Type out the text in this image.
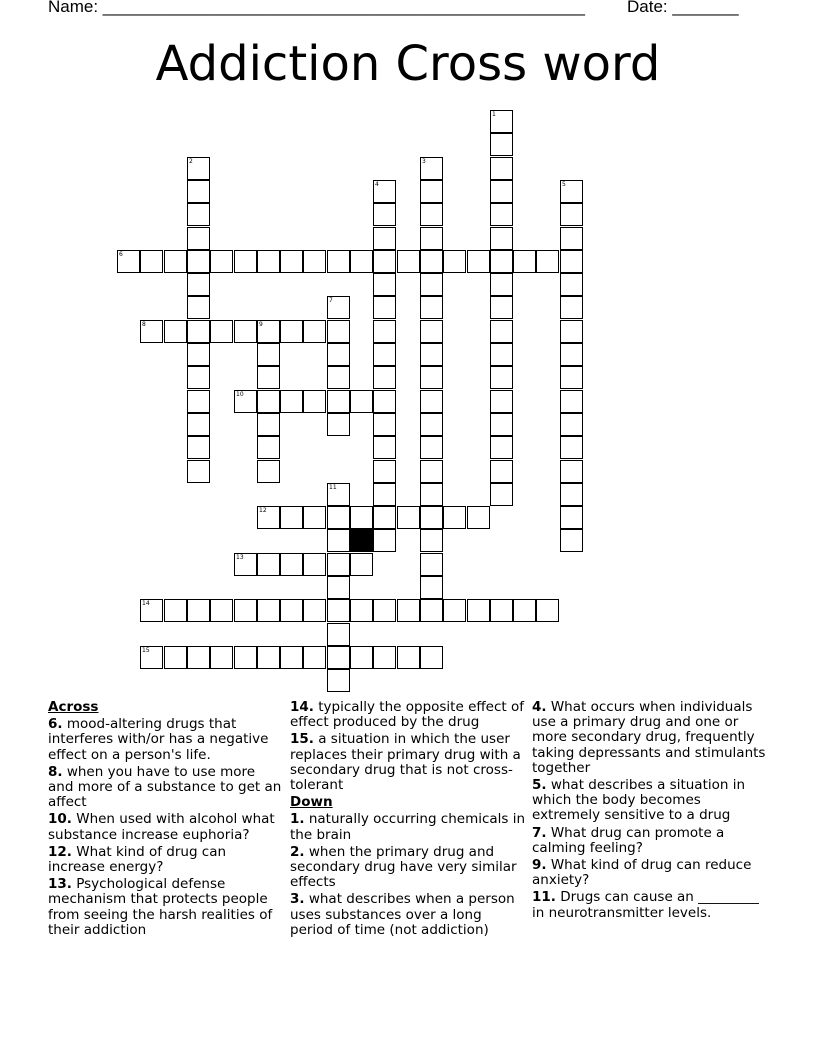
Name: ___________________________________________________ Date: _______
Addiction Cross word
1
2	3
4	5
6
7
8	9
10
11
12
13
14
15
Across
6. mood-altering drugs that interferes with/or has a negative effect on a person's life.
8. when you have to use more and more of a substance to get an affect
10. When used with alcohol what substance increase euphoria?
12. What kind of drug can increase energy?
13. Psychological defense mechanism that protects people from seeing the harsh realities of their addiction
14. typically the opposite effect of effect produced by the drug
15. a situation in which the user replaces their primary drug with a secondary drug that is not cross-tolerant
Down
1. naturally occurring chemicals in the brain
2. when the primary drug and secondary drug have very similar effects
3. what describes when a person uses substances over a long period of time (not addiction)
4. What occurs when individuals use a primary drug and one or more secondary drug, frequently taking depressants and stimulants together
5. what describes a situation in which the body becomes extremely sensitive to a drug
7. What drug can promote a calming feeling?
9. What kind of drug can reduce anxiety?
11. Drugs can cause an _________ in neurotransmitter levels.
